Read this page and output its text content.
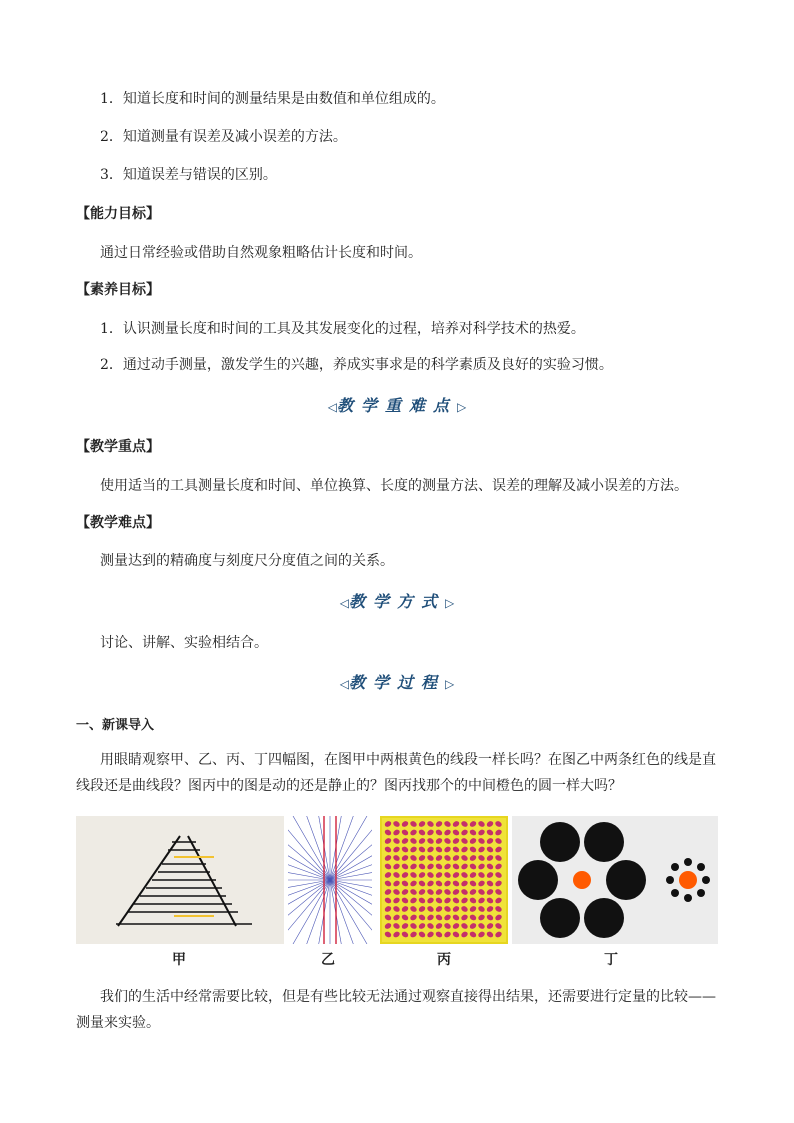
1．知道长度和时间的测量结果是由数值和单位组成的。
2．知道测量有误差及减小误差的方法。
3．知道误差与错误的区别。
【能力目标】
通过日常经验或借助自然观象粗略估计长度和时间。
【素养目标】
1．认识测量长度和时间的工具及其发展变化的过程，培养对科学技术的热爱。
2．通过动手测量，激发学生的兴趣，养成实事求是的科学素质及良好的实验习惯。
◁教学重难点▷
【教学重点】
使用适当的工具测量长度和时间、单位换算、长度的测量方法、误差的理解及减小误差的方法。
【教学难点】
测量达到的精确度与刻度尺分度值之间的关系。
◁教学方式▷
讨论、讲解、实验相结合。
◁教学过程▷
一、新课导入
用眼睛观察甲、乙、丙、丁四幅图，在图甲中两根黄色的线段一样长吗？在图乙中两条红色的线是直线段还是曲线段？图丙中的图是动的还是静止的？图丙找那个的中间橙色的圆一样大吗？
甲	乙	丙	丁
我们的生活中经常需要比较，但是有些比较无法通过观察直接得出结果，还需要进行定量的比较——测量来实验。
